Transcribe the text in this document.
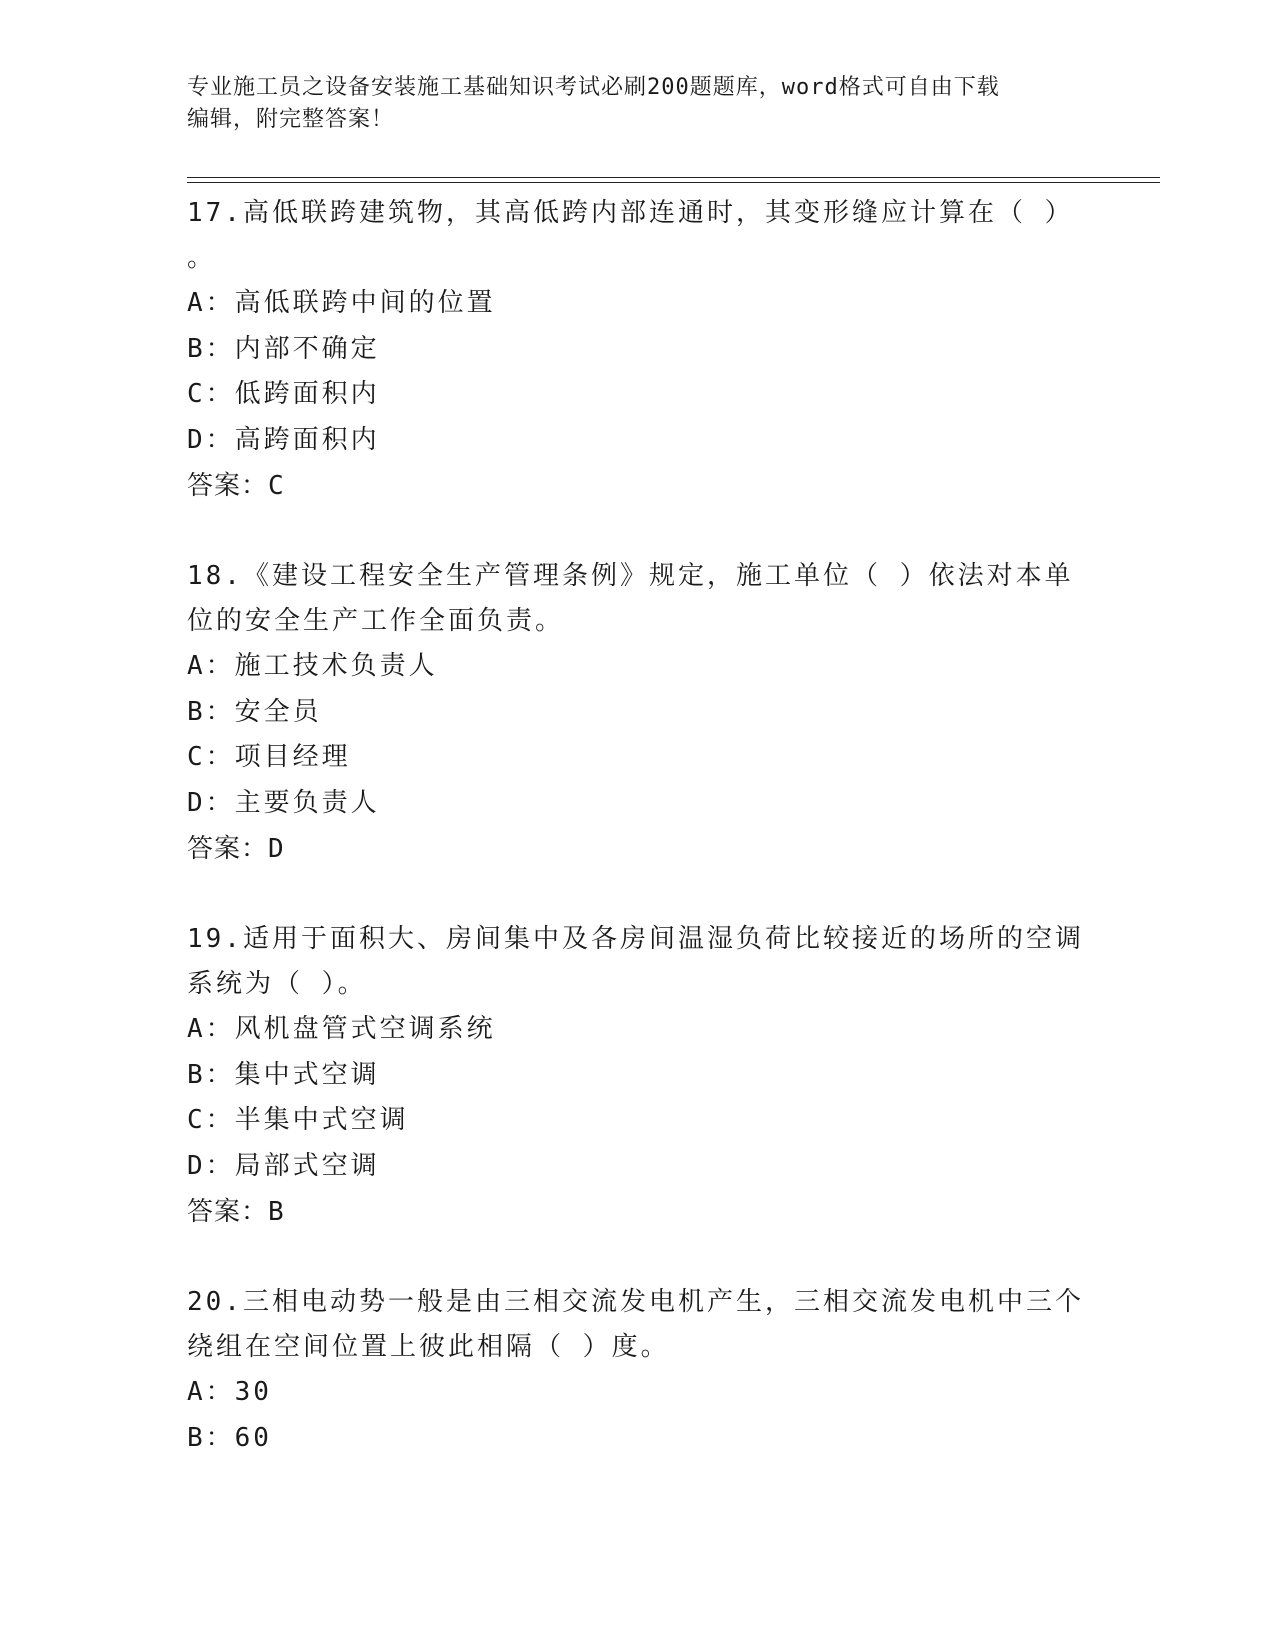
专业施工员之设备安装施工基础知识考试必刷200题题库，word格式可自由下载
编辑，附完整答案！
17.高低联跨建筑物，其高低跨内部连通时，其变形缝应计算在（ ）
。
A：高低联跨中间的位置
B：内部不确定
C：低跨面积内
D：高跨面积内
答案：C
18.《建设工程安全生产管理条例》规定，施工单位（ ）依法对本单
位的安全生产工作全面负责。
A：施工技术负责人
B：安全员
C：项目经理
D：主要负责人
答案：D
19.适用于面积大、房间集中及各房间温湿负荷比较接近的场所的空调
系统为（ ）。
A：风机盘管式空调系统
B：集中式空调
C：半集中式空调
D：局部式空调
答案：B
20.三相电动势一般是由三相交流发电机产生，三相交流发电机中三个
绕组在空间位置上彼此相隔（ ）度。
A：30
B：60
